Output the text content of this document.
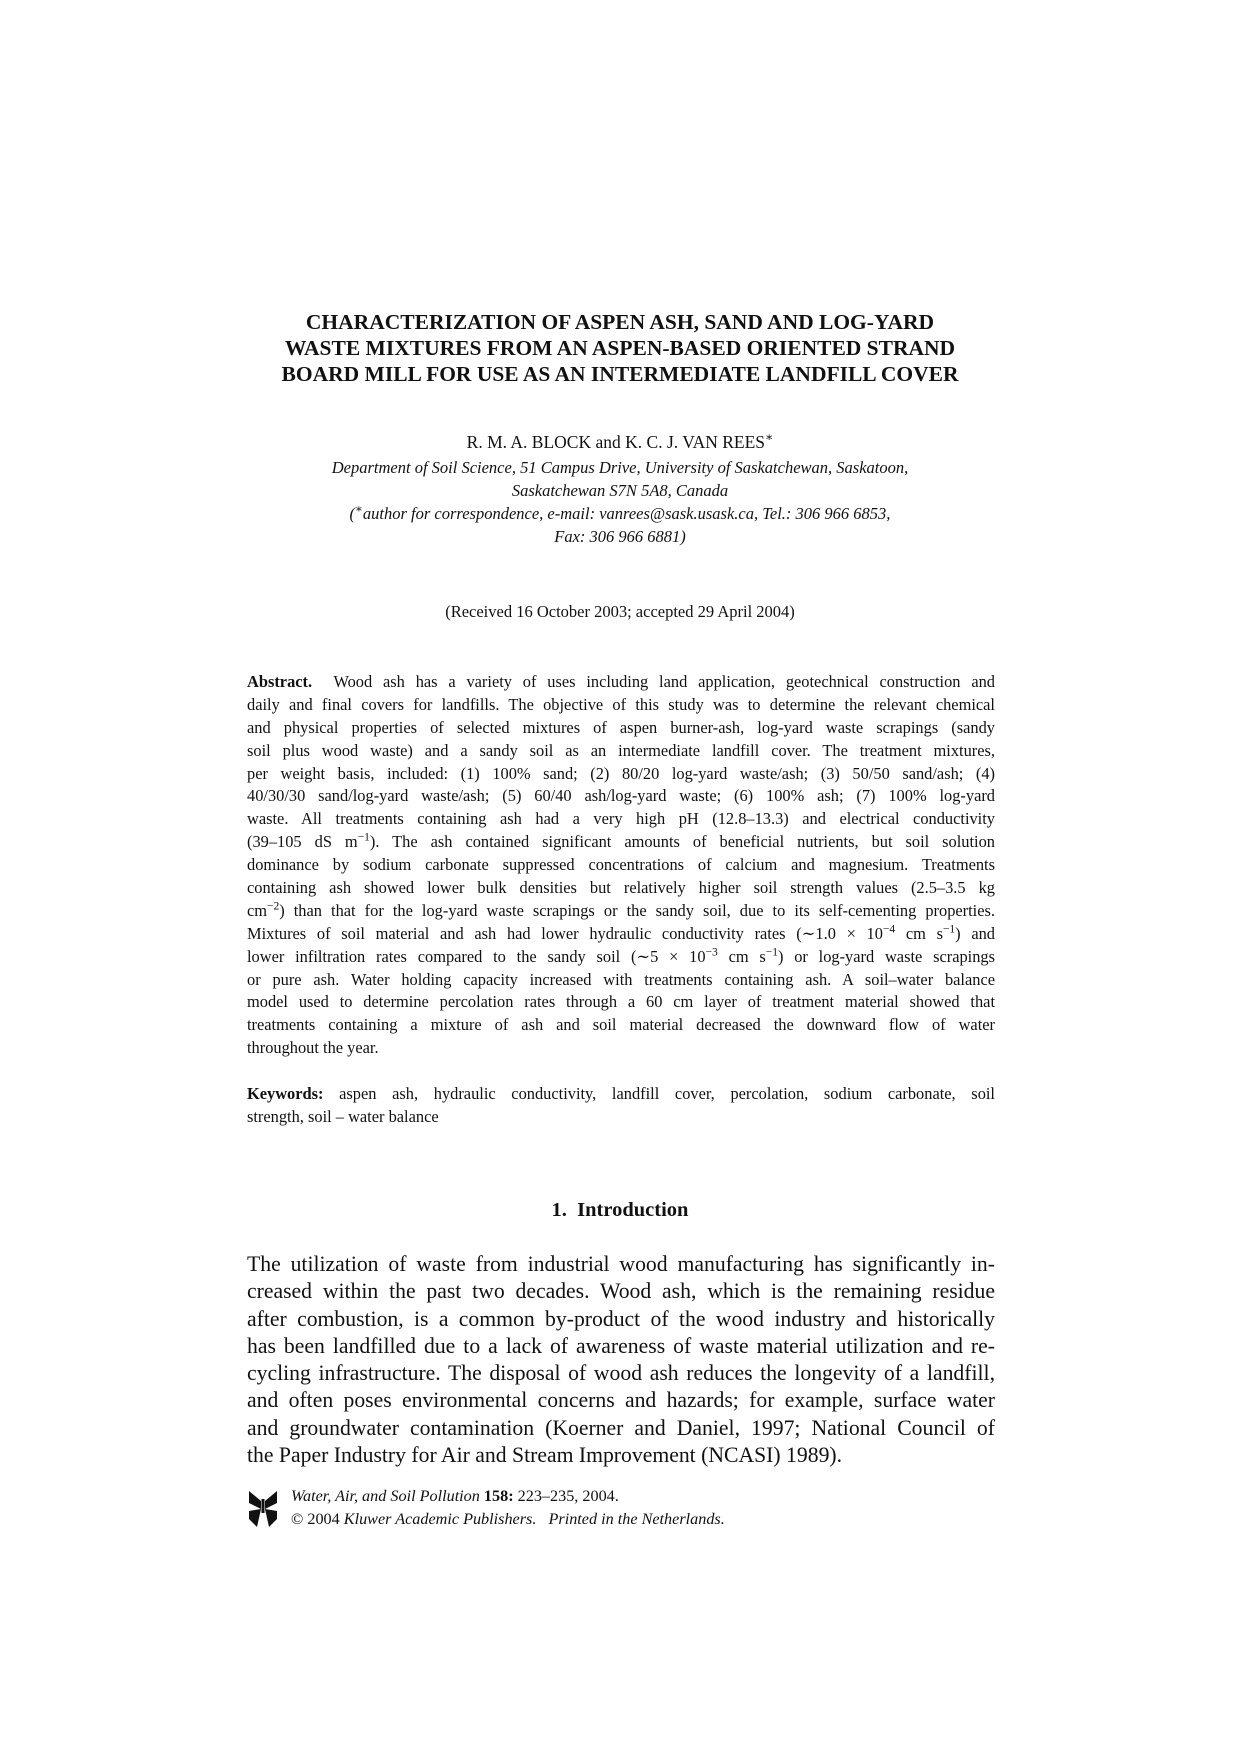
CHARACTERIZATION OF ASPEN ASH, SAND AND LOG-YARD
WASTE MIXTURES FROM AN ASPEN-BASED ORIENTED STRAND
BOARD MILL FOR USE AS AN INTERMEDIATE LANDFILL COVER
R. M. A. BLOCK and K. C. J. VAN REES∗
Department of Soil Science, 51 Campus Drive, University of Saskatchewan, Saskatoon,
Saskatchewan S7N 5A8, Canada
(∗author for correspondence, e-mail: vanrees@sask.usask.ca, Tel.: 306 966 6853,
Fax: 306 966 6881)
(Received 16 October 2003; accepted 29 April 2004)
Abstract. Wood ash has a variety of uses including land application, geotechnical construction and
daily and final covers for landfills. The objective of this study was to determine the relevant chemical
and physical properties of selected mixtures of aspen burner-ash, log-yard waste scrapings (sandy
soil plus wood waste) and a sandy soil as an intermediate landfill cover. The treatment mixtures,
per weight basis, included: (1) 100% sand; (2) 80/20 log-yard waste/ash; (3) 50/50 sand/ash; (4)
40/30/30 sand/log-yard waste/ash; (5) 60/40 ash/log-yard waste; (6) 100% ash; (7) 100% log-yard
waste. All treatments containing ash had a very high pH (12.8–13.3) and electrical conductivity
(39–105 dS $m^{-1}$). The ash contained significant amounts of beneficial nutrients, but soil solution
dominance by sodium carbonate suppressed concentrations of calcium and magnesium. Treatments
containing ash showed lower bulk densities but relatively higher soil strength values (2.5–3.5 kg
$cm^{-2}$) than that for the log-yard waste scrapings or the sandy soil, due to its self-cementing properties.
Mixtures of soil material and ash had lower hydraulic conductivity rates (∼1.0 × $10^{-4}$ cm $s^{-1}$) and
lower infiltration rates compared to the sandy soil (∼5 × $10^{-3}$ cm $s^{-1}$) or log-yard waste scrapings
or pure ash. Water holding capacity increased with treatments containing ash. A soil–water balance
model used to determine percolation rates through a 60 cm layer of treatment material showed that
treatments containing a mixture of ash and soil material decreased the downward flow of water
throughout the year.
Keywords: aspen ash, hydraulic conductivity, landfill cover, percolation, sodium carbonate, soil
strength, soil – water balance
1. Introduction
The utilization of waste from industrial wood manufacturing has significantly in-
creased within the past two decades. Wood ash, which is the remaining residue
after combustion, is a common by-product of the wood industry and historically
has been landfilled due to a lack of awareness of waste material utilization and re-
cycling infrastructure. The disposal of wood ash reduces the longevity of a landfill,
and often poses environmental concerns and hazards; for example, surface water
and groundwater contamination (Koerner and Daniel, 1997; National Council of
the Paper Industry for Air and Stream Improvement (NCASI) 1989).
Water, Air, and Soil Pollution 158: 223–235, 2004.
© 2004 Kluwer Academic Publishers. Printed in the Netherlands.
